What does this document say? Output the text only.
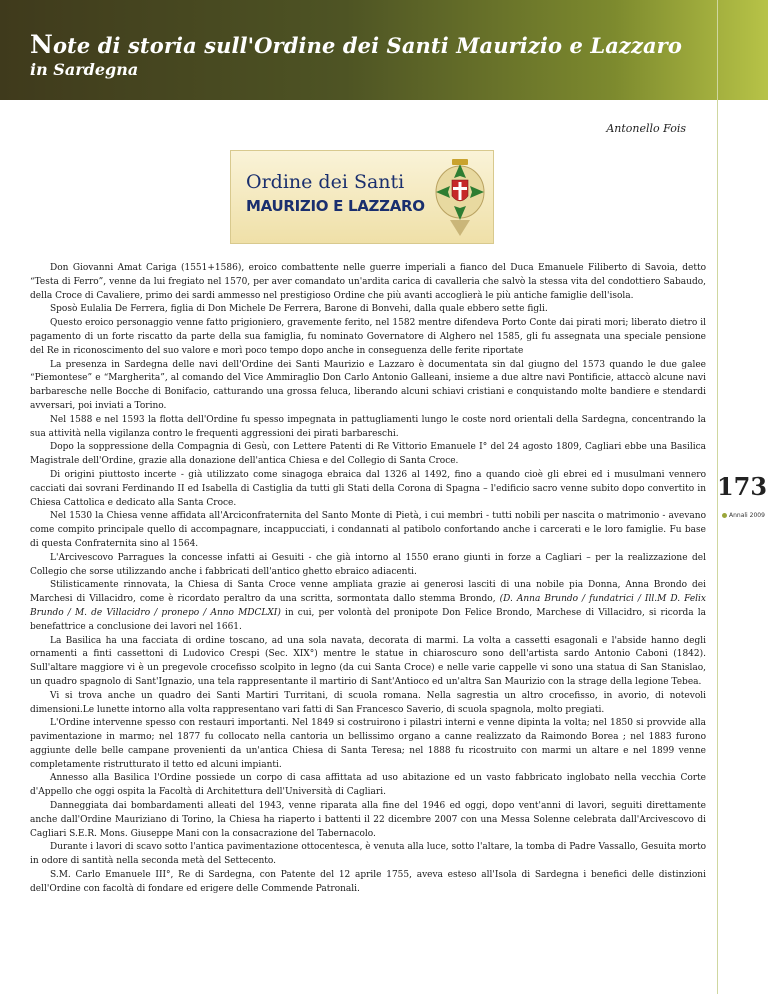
Note di storia sull'Ordine dei Santi Maurizio e Lazzaro
in Sardegna
Antonello Fois
Ordine dei Santi
MAURIZIO E LAZZARO

Don Giovanni Amat Cariga (1551+1586), eroico combattente nelle guerre imperiali a fianco del Duca Emanuele Filiberto di Savoia, detto “Testa di Ferro”, venne da lui fregiato nel 1570, per aver comandato un'ardita carica di cavalleria che salvò la stessa vita del condottiero Sabaudo, della Croce di Cavaliere, primo dei sardi ammesso nel prestigioso Ordine che più avanti accoglierà le più antiche famiglie dell'isola.

Sposò Eulalia De Ferrera, figlia di Don Michele De Ferrera, Barone di Bonvehi, dalla quale ebbero sette figli.

Questo eroico personaggio venne fatto prigioniero, gravemente ferito, nel 1582 mentre difendeva Porto Conte dai pirati mori; liberato dietro il pagamento di un forte riscatto da parte della sua famiglia, fu nominato Governatore di Alghero nel 1585, gli fu assegnata una speciale pensione del Re in riconoscimento del suo valore e morì poco tempo dopo anche in conseguenza delle ferite riportate

La presenza in Sardegna delle navi dell'Ordine dei Santi Maurizio e Lazzaro è documentata sin dal giugno del 1573 quando le due galee “Piemontese” e “Margherita”, al comando del Vice Ammiraglio Don Carlo Antonio Galleani, insieme a due altre navi Pontificie, attaccò alcune navi barbaresche nelle Bocche di Bonifacio, catturando una grossa feluca, liberando alcuni schiavi cristiani e conquistando molte bandiere e stendardi avversari, poi inviati a Torino.

Nel 1588 e nel 1593 la flotta dell'Ordine fu spesso impegnata in pattugliamenti lungo le coste nord orientali della Sardegna, concentrando la sua attività nella vigilanza contro le frequenti aggressioni dei pirati barbareschi.

Dopo la soppressione della Compagnia di Gesù, con Lettere Patenti di Re Vittorio Emanuele I° del 24 agosto 1809, Cagliari ebbe una Basilica Magistrale dell'Ordine, grazie alla donazione dell'antica Chiesa e del Collegio di Santa Croce.

Di origini piuttosto incerte - già utilizzato come sinagoga ebraica dal 1326 al 1492, fino a quando cioè gli ebrei ed i musulmani vennero cacciati dai sovrani Ferdinando II ed Isabella di Castiglia da tutti gli Stati della Corona di Spagna – l'edificio sacro venne subito dopo convertito in Chiesa Cattolica e dedicato alla Santa Croce.

Nel 1530 la Chiesa venne affidata all'Arciconfraternita del Santo Monte di Pietà, i cui membri - tutti nobili per nascita o matrimonio - avevano come compito principale quello di accompagnare, incappucciati, i condannati al patibolo confortando anche i carcerati e le loro famiglie. Fu base di questa Confraternita sino al 1564.

L'Arcivescovo Parragues la concesse infatti ai Gesuiti - che già intorno al 1550 erano giunti in forze a Cagliari – per la realizzazione del Collegio che sorse utilizzando anche i fabbricati dell'antico ghetto ebraico adiacenti.

Stilisticamente rinnovata, la Chiesa di Santa Croce venne ampliata grazie ai generosi lasciti di una nobile pia Donna, Anna Brondo dei Marchesi di Villacidro, come è ricordato peraltro da una scritta, sormontata dallo stemma Brondo, (D. Anna Brundo / fundatrici / Ill.M D. Felix Brundo / M. de Villacidro / pronepo / Anno MDCLXI) in cui, per volontà del pronipote Don Felice Brondo, Marchese di Villacidro, si ricorda la benefattrice a conclusione dei lavori nel 1661.

La Basilica ha una facciata di ordine toscano, ad una sola navata, decorata di marmi. La volta a cassetti esagonali e l'abside hanno degli ornamenti a finti cassettoni di Ludovico Crespi (Sec. XIX°) mentre le statue in chiaroscuro sono dell'artista sardo Antonio Caboni (1842). Sull'altare maggiore vi è un pregevole crocefisso scolpito in legno (da cui Santa Croce) e nelle varie cappelle vi sono una statua di San Stanislao, un quadro spagnolo di Sant'Ignazio, una tela rappresentante il martirio di Sant'Antioco ed un'altra San Maurizio con la strage della legione Tebea.

Vi si trova anche un quadro dei Santi Martiri Turritani, di scuola romana. Nella sagrestia un altro crocefisso, in avorio, di notevoli dimensioni.Le lunette intorno alla volta rappresentano vari fatti di San Francesco Saverio, di scuola spagnola, molto pregiati.

L'Ordine intervenne spesso con restauri importanti. Nel 1849 si costruirono i pilastri interni e venne dipinta la volta; nel 1850 si provvide alla pavimentazione in marmo; nel 1877 fu collocato nella cantoria un bellissimo organo a canne realizzato da Raimondo Borea ; nel 1883 furono aggiunte delle belle campane provenienti da un'antica Chiesa di Santa Teresa; nel 1888 fu ricostruito con marmi un altare e nel 1899 venne completamente ristrutturato il tetto ed alcuni impianti.

Annesso alla Basilica l'Ordine possiede un corpo di casa affittata ad uso abitazione ed un vasto fabbricato inglobato nella vecchia Corte d'Appello che oggi ospita la Facoltà di Architettura dell'Università di Cagliari.

Danneggiata dai bombardamenti alleati del 1943, venne riparata alla fine del 1946 ed oggi, dopo vent'anni di lavori, seguiti direttamente anche dall'Ordine Mauriziano di Torino, la Chiesa ha riaperto i battenti il 22 dicembre 2007 con una Messa Solenne celebrata dall'Arcivescovo di Cagliari S.E.R. Mons. Giuseppe Mani con la consacrazione del Tabernacolo.

Durante i lavori di scavo sotto l'antica pavimentazione ottocentesca, è venuta alla luce, sotto l'altare, la tomba di Padre Vassallo, Gesuita morto in odore di santità nella seconda metà del Settecento.

S.M. Carlo Emanuele III°, Re di Sardegna, con Patente del 12 aprile 1755, aveva esteso all'Isola di Sardegna i benefici delle distinzioni dell'Ordine con facoltà di fondare ed erigere delle Commende Patronali.

173
Annali 2009
